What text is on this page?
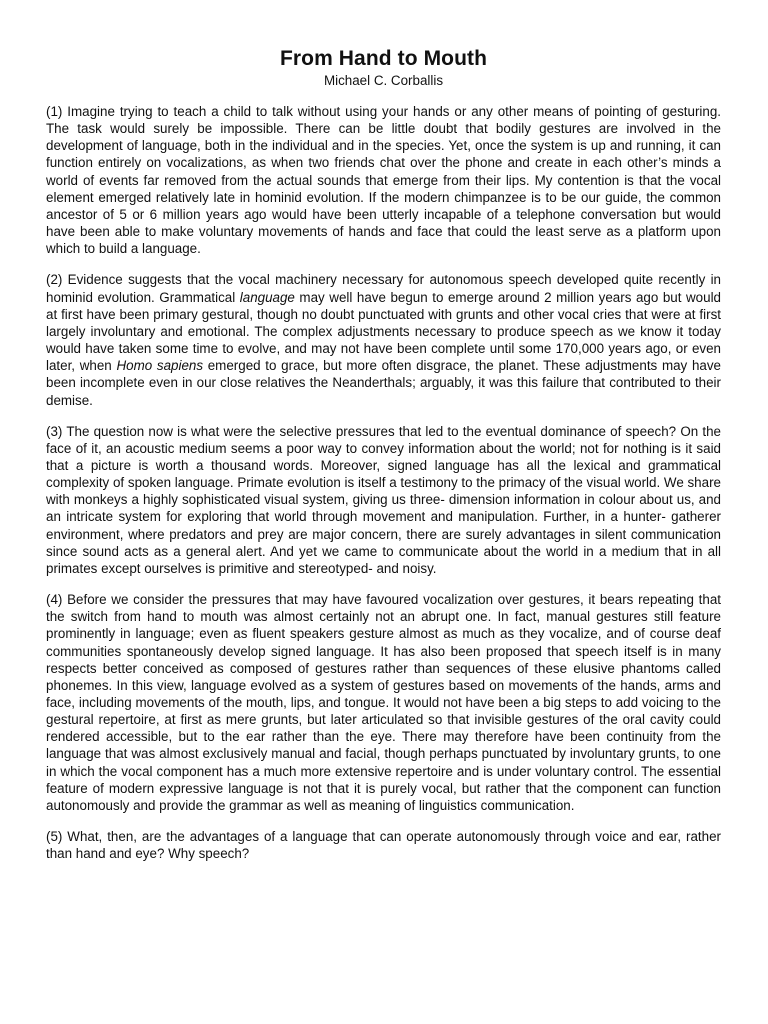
From Hand to Mouth
Michael C. Corballis

(1) Imagine trying to teach a child to talk without using your hands or any other means of pointing of gesturing. The task would surely be impossible. There can be little doubt that bodily gestures are involved in the development of language, both in the individual and in the species. Yet, once the system is up and running, it can function entirely on vocalizations, as when two friends chat over the phone and create in each other’s minds a world of events far removed from the actual sounds that emerge from their lips. My contention is that the vocal element emerged relatively late in hominid evolution. If the modern chimpanzee is to be our guide, the common ancestor of 5 or 6 million years ago would have been utterly incapable of a telephone conversation but would have been able to make voluntary movements of hands and face that could the least serve as a platform upon which to build a language.

(2) Evidence suggests that the vocal machinery necessary for autonomous speech developed quite recently in hominid evolution. Grammatical language may well have begun to emerge around 2 million years ago but would at first have been primary gestural, though no doubt punctuated with grunts and other vocal cries that were at first largely involuntary and emotional. The complex adjustments necessary to produce speech as we know it today would have taken some time to evolve, and may not have been complete until some 170,000 years ago, or even later, when Homo sapiens emerged to grace, but more often disgrace, the planet. These adjustments may have been incomplete even in our close relatives the Neanderthals; arguably, it was this failure that contributed to their demise.

(3) The question now is what were the selective pressures that led to the eventual dominance of speech? On the face of it, an acoustic medium seems a poor way to convey information about the world; not for nothing is it said that a picture is worth a thousand words. Moreover, signed language has all the lexical and grammatical complexity of spoken language. Primate evolution is itself a testimony to the primacy of the visual world. We share with monkeys a highly sophisticated visual system, giving us three- dimension information in colour about us, and an intricate system for exploring that world through movement and manipulation. Further, in a hunter- gatherer environment, where predators and prey are major concern, there are surely advantages in silent communication since sound acts as a general alert. And yet we came to communicate about the world in a medium that in all primates except ourselves is primitive and stereotyped- and noisy.

(4) Before we consider the pressures that may have favoured vocalization over gestures, it bears repeating that the switch from hand to mouth was almost certainly not an abrupt one. In fact, manual gestures still feature prominently in language; even as fluent speakers gesture almost as much as they vocalize, and of course deaf communities spontaneously develop signed language. It has also been proposed that speech itself is in many respects better conceived as composed of gestures rather than sequences of these elusive phantoms called phonemes. In this view, language evolved as a system of gestures based on movements of the hands, arms and face, including movements of the mouth, lips, and tongue. It would not have been a big steps to add voicing to the gestural repertoire, at first as mere grunts, but later articulated so that invisible gestures of the oral cavity could rendered accessible, but to the ear rather than the eye. There may therefore have been continuity from the language that was almost exclusively manual and facial, though perhaps punctuated by involuntary grunts, to one in which the vocal component has a much more extensive repertoire and is under voluntary control. The essential feature of modern expressive language is not that it is purely vocal, but rather that the component can function autonomously and provide the grammar as well as meaning of linguistics communication.

(5) What, then, are the advantages of a language that can operate autonomously through voice and ear, rather than hand and eye? Why speech?
